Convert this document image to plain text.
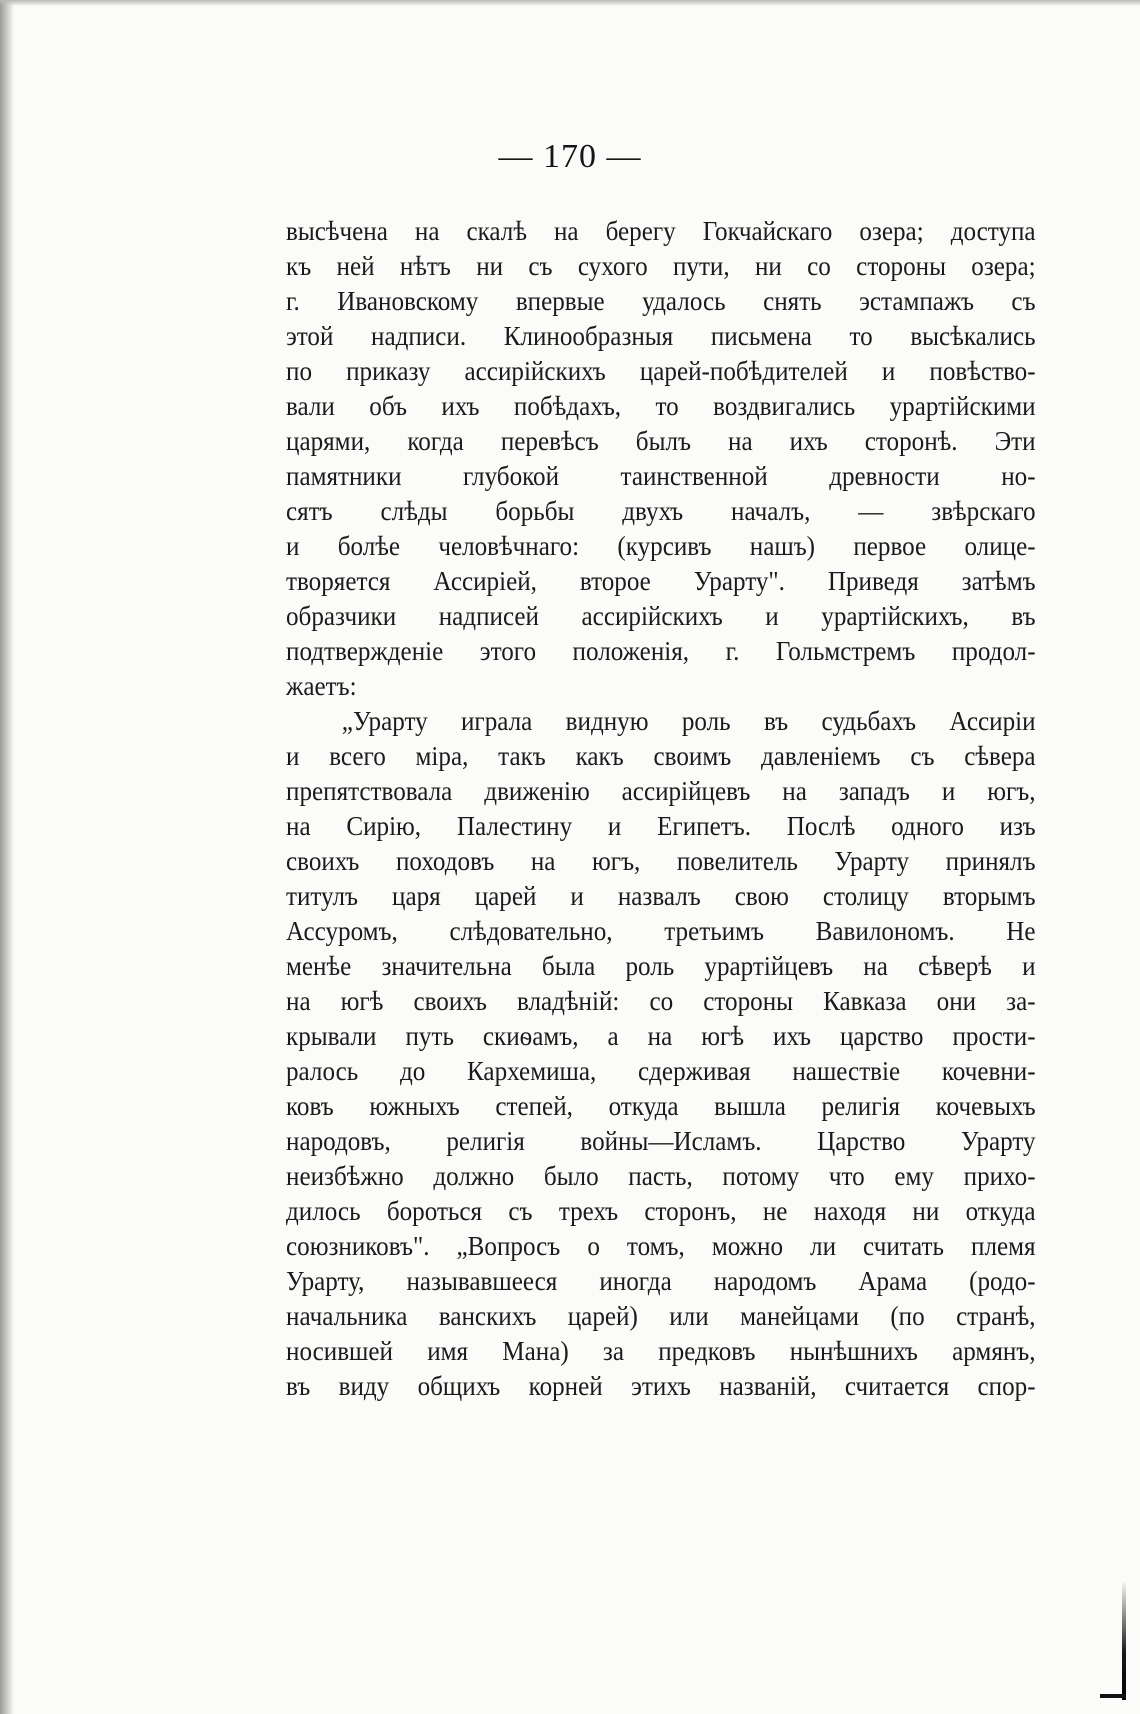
— 170 —
высѣчена на скалѣ на берегу Гокчайскаго озера; доступа
къ ней нѣтъ ни съ сухого пути, ни со стороны озера;
г. Ивановскому впервые удалось снять эстампажъ съ
этой надписи. Клинообразныя письмена то высѣкались
по приказу ассирійскихъ царей-побѣдителей и повѣство-
вали объ ихъ побѣдахъ, то воздвигались урартійскими
царями, когда перевѣсъ былъ на ихъ сторонѣ. Эти
памятники глубокой таинственной древности но-
сятъ слѣды борьбы двухъ началъ, — звѣрскаго
и болѣе человѣчнаго: (курсивъ нашъ) первое олице-
творяется Ассиріей, второе Урарту". Приведя затѣмъ
образчики надписей ассирійскихъ и урартійскихъ, въ
подтвержденіе этого положенія, г. Гольмстремъ продол-
жаетъ:
„Урарту играла видную роль въ судьбахъ Ассиріи
и всего міра, такъ какъ своимъ давленіемъ съ сѣвера
препятствовала движенію ассирійцевъ на западъ и югъ,
на Сирію, Палестину и Египетъ. Послѣ одного изъ
своихъ походовъ на югъ, повелитель Урарту принялъ
титулъ царя царей и назвалъ свою столицу вторымъ
Ассуромъ, слѣдовательно, третьимъ Вавилономъ. Не
менѣе значительна была роль урартійцевъ на сѣверѣ и
на югѣ своихъ владѣній: со стороны Кавказа они за-
крывали путь скиѳамъ, а на югѣ ихъ царство прости-
ралось до Кархемиша, сдерживая нашествіе кочевни-
ковъ южныхъ степей, откуда вышла религія кочевыхъ
народовъ, религія войны—Исламъ. Царство Урарту
неизбѣжно должно было пасть, потому что ему прихо-
дилось бороться съ трехъ сторонъ, не находя ни откуда
союзниковъ". „Вопросъ о томъ, можно ли считать племя
Урарту, называвшееся иногда народомъ Арама (родо-
начальника ванскихъ царей) или манейцами (по странѣ,
носившей имя Мана) за предковъ нынѣшнихъ армянъ,
въ виду общихъ корней этихъ названій, считается спор-
